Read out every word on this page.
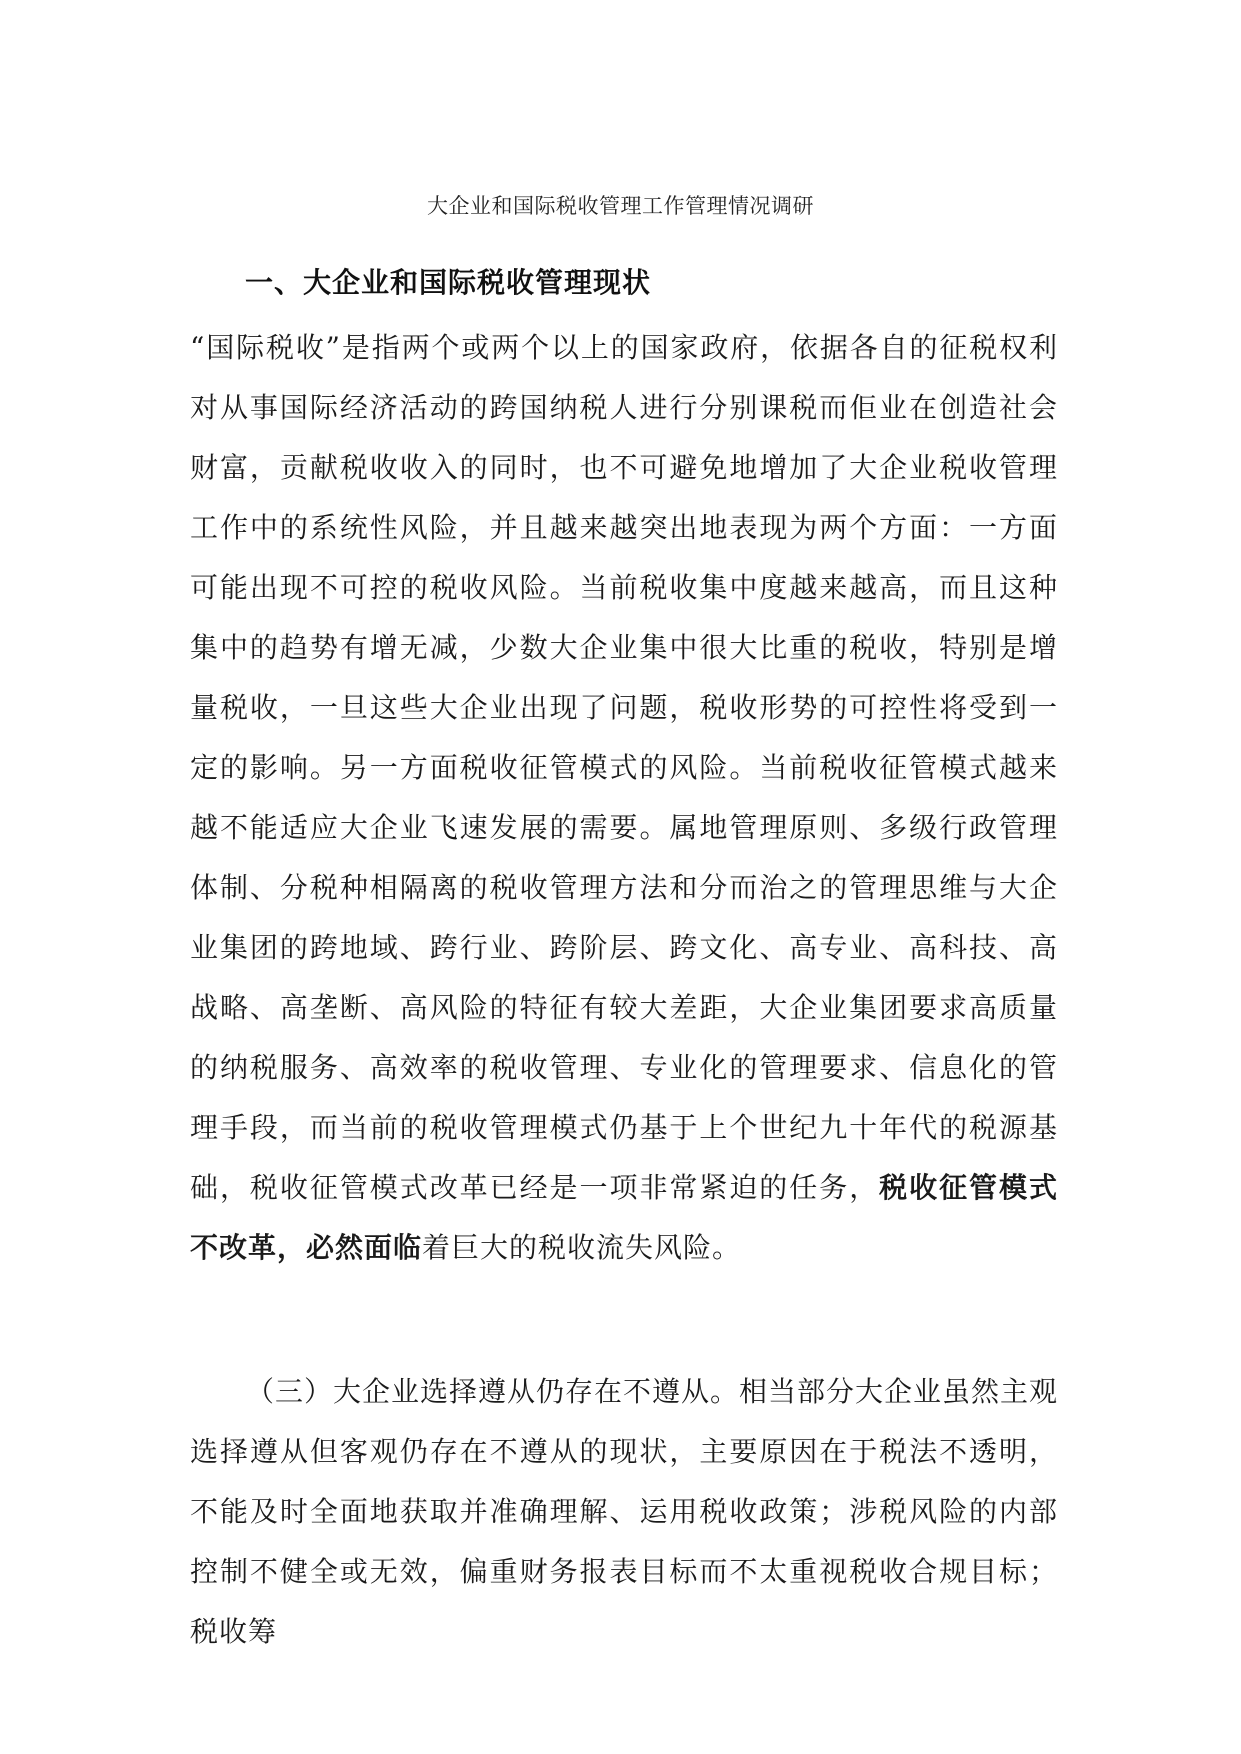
大企业和国际税收管理工作管理情况调研
一、大企业和国际税收管理现状

“国际税收”是指两个或两个以上的国家政府，依据各自的征税权利对从事国际经济活动的跨国纳税人进行分别课税而佢业在创造社会财富，贡献税收收入的同时，也不可避免地增加了大企业税收管理工作中的系统性风险，并且越来越突出地表现为两个方面：一方面可能出现不可控的税收风险。当前税收集中度越来越高，而且这种集中的趋势有增无减，少数大企业集中很大比重的税收，特别是增量税收，一旦这些大企业出现了问题，税收形势的可控性将受到一定的影响。另一方面税收征管模式的风险。当前税收征管模式越来越不能适应大企业飞速发展的需要。属地管理原则、多级行政管理体制、分税种相隔离的税收管理方法和分而治之的管理思维与大企业集团的跨地域、跨行业、跨阶层、跨文化、高专业、高科技、高战略、高垄断、高风险的特征有较大差距，大企业集团要求高质量的纳税服务、高效率的税收管理、专业化的管理要求、信息化的管理手段，而当前的税收管理模式仍基于上个世纪九十年代的税源基础，税收征管模式改革已经是一项非常紧迫的任务，税收征管模式不改革，必然面临着巨大的税收流失风险。

（三）大企业选择遵从仍存在不遵从。相当部分大企业虽然主观选择遵从但客观仍存在不遵从的现状，主要原因在于税法不透明，不能及时全面地获取并准确理解、运用税收政策；涉税风险的内部控制不健全或无效，偏重财务报表目标而不太重视税收合规目标；税收筹
